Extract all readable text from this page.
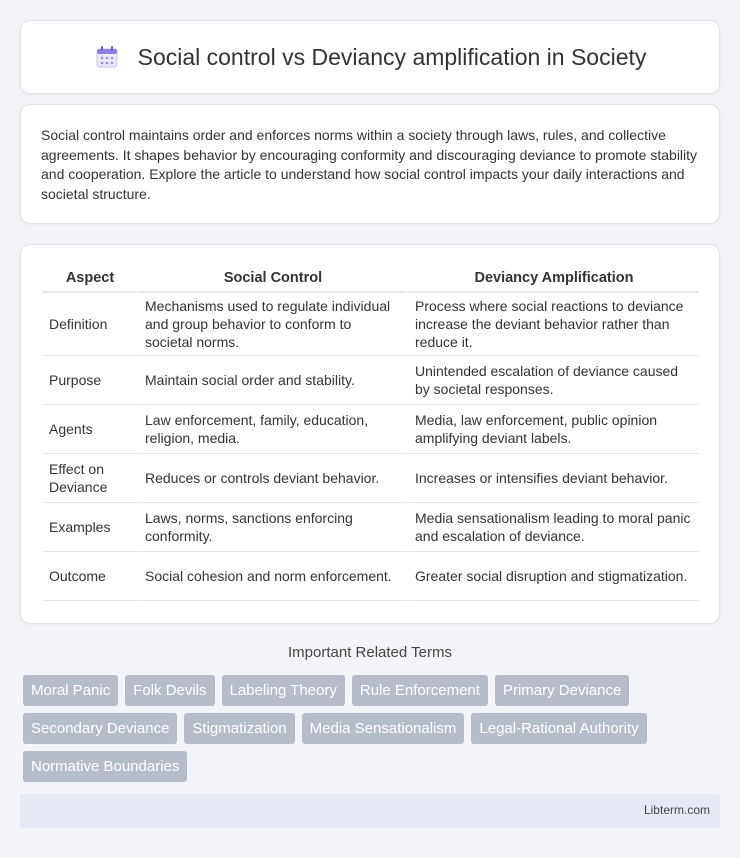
Social control vs Deviancy amplification in Society

Social control maintains order and enforces norms within a society through laws, rules, and collective agreements. It shapes behavior by encouraging conformity and discouraging deviance to promote stability and cooperation. Explore the article to understand how social control impacts your daily interactions and societal structure.

Aspect	Social Control	Deviancy Amplification
Definition	Mechanisms used to regulate individual and group behavior to conform to societal norms.	Process where social reactions to deviance increase the deviant behavior rather than reduce it.
Purpose	Maintain social order and stability.	Unintended escalation of deviance caused by societal responses.
Agents	Law enforcement, family, education, religion, media.	Media, law enforcement, public opinion amplifying deviant labels.
Effect on Deviance	Reduces or controls deviant behavior.	Increases or intensifies deviant behavior.
Examples	Laws, norms, sanctions enforcing conformity.	Media sensationalism leading to moral panic and escalation of deviance.
Outcome	Social cohesion and norm enforcement.	Greater social disruption and stigmatization.
Important Related Terms
Moral Panic	Folk Devils	Labeling Theory	Rule Enforcement	Primary Deviance
Secondary Deviance	Stigmatization	Media Sensationalism	Legal-Rational Authority
Normative Boundaries
Libterm.com
